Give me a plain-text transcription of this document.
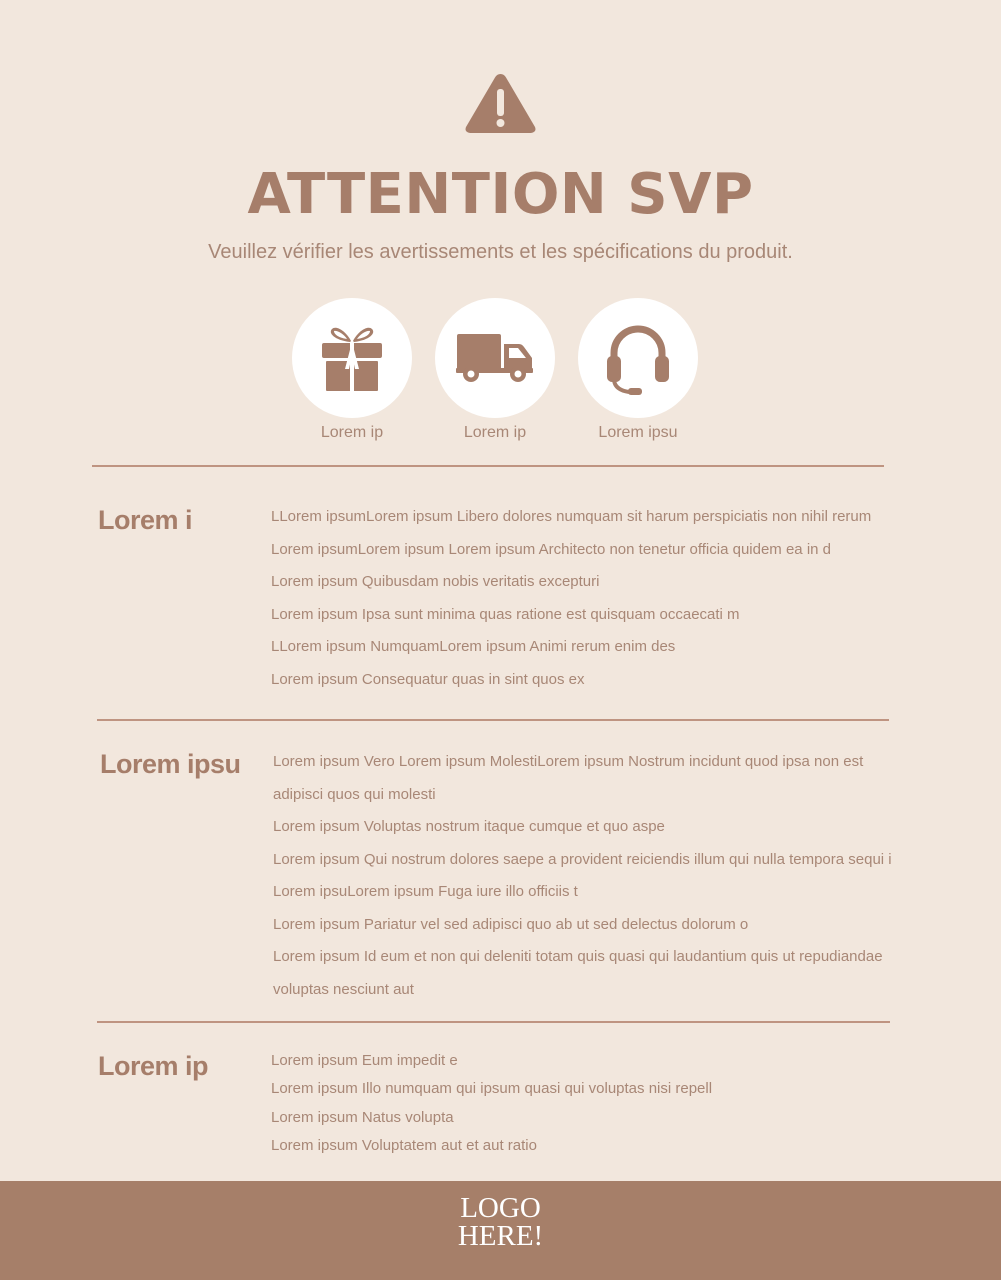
ATTENTION SVP
Veuillez vérifier les avertissements et les spécifications du produit.
Lorem ip	Lorem ip	Lorem ipsu
Lorem i	LLorem ipsumLorem ipsum Libero dolores numquam sit harum perspiciatis non nihil rerum
Lorem ipsumLorem ipsum Lorem ipsum Architecto non tenetur officia quidem ea in d
Lorem ipsum Quibusdam nobis veritatis excepturi
Lorem ipsum Ipsa sunt minima quas ratione est quisquam occaecati m
LLorem ipsum NumquamLorem ipsum Animi rerum enim des
Lorem ipsum Consequatur quas in sint quos ex
Lorem ipsu Lorem ipsum Vero Lorem ipsum MolestiLorem ipsum Nostrum incidunt quod ipsa non est
adipisci quos qui molesti
Lorem ipsum Voluptas nostrum itaque cumque et quo aspe
Lorem ipsum Qui nostrum dolores saepe a provident reiciendis illum qui nulla tempora sequi i
Lorem ipsuLorem ipsum Fuga iure illo officiis t
Lorem ipsum Pariatur vel sed adipisci quo ab ut sed delectus dolorum o
Lorem ipsum Id eum et non qui deleniti totam quis quasi qui laudantium quis ut repudiandae
voluptas nesciunt aut
Lorem ip	Lorem ipsum Eum impedit e
Lorem ipsum Illo numquam qui ipsum quasi qui voluptas nisi repell
Lorem ipsum Natus volupta
Lorem ipsum Voluptatem aut et aut ratio
LOGO
HERE!
